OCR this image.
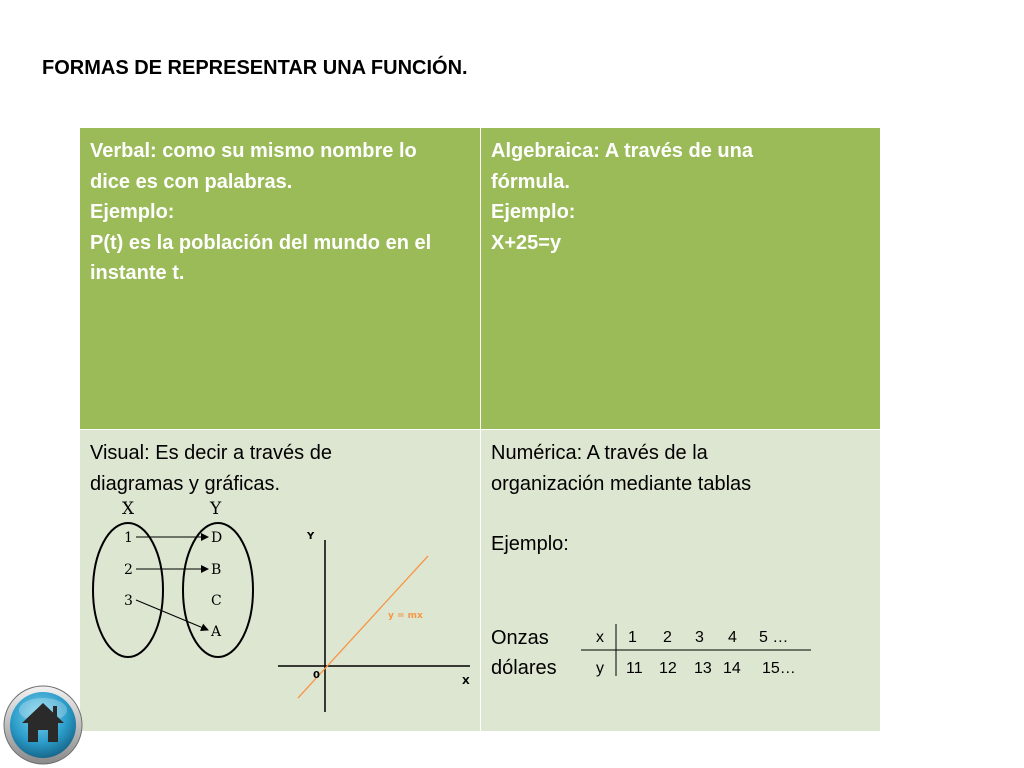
FORMAS DE REPRESENTAR UNA FUNCIÓN.
Verbal: como su mismo nombre lo
dice es con palabras.
Ejemplo:
P(t) es la población del mundo en el
instante t.
Algebraica: A través de una
fórmula.
Ejemplo:
X+25=y
Visual: Es decir a través de
diagramas y gráficas.
X	Y
1
2
3
D
B
C
A
Y
X
0
y = mx
Numérica: A través de la
organización mediante tablas
Ejemplo:
Onzas
dólares
x
y
1 2 3 4 5 …
11 12 13 14 15…
